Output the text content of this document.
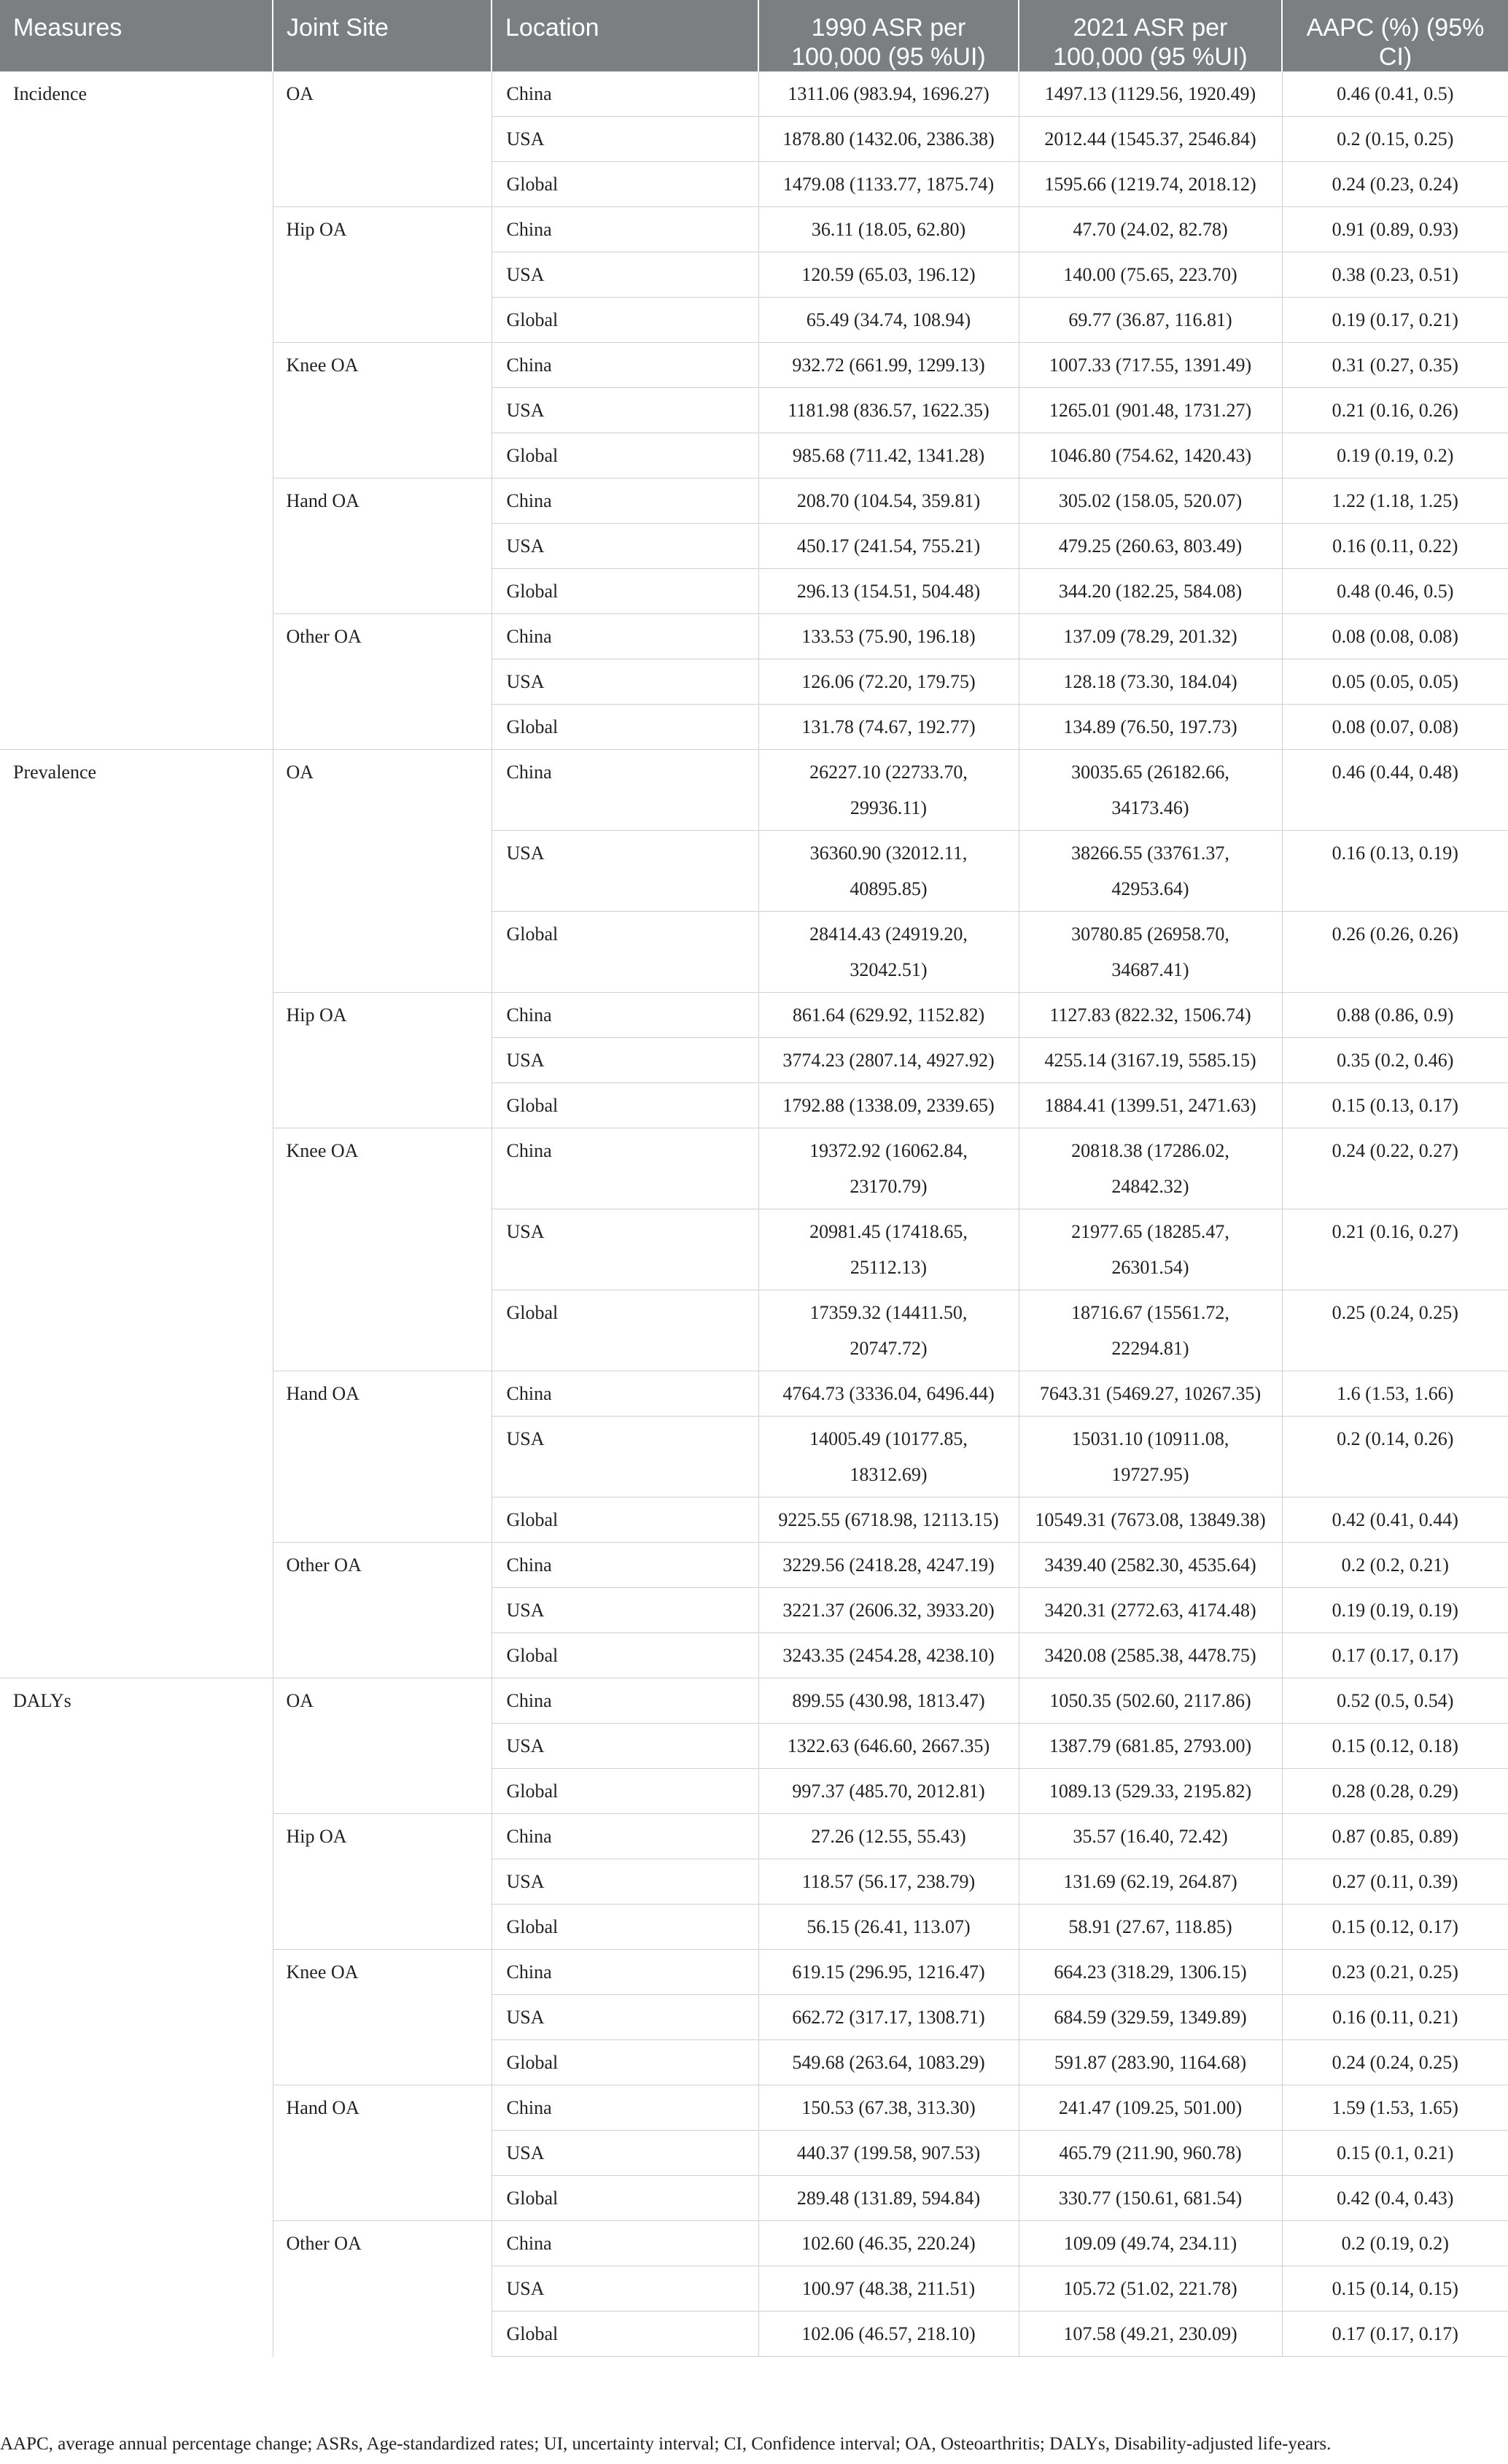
Measures	Joint Site	Location	1990 ASR per 100,000 (95 %UI)	2021 ASR per 100,000 (95 %UI)	AAPC (%) (95% CI)
Incidence	OA	China	1311.06 (983.94, 1696.27)	1497.13 (1129.56, 1920.49)	0.46 (0.41, 0.5)
		USA	1878.80 (1432.06, 2386.38)	2012.44 (1545.37, 2546.84)	0.2 (0.15, 0.25)
		Global	1479.08 (1133.77, 1875.74)	1595.66 (1219.74, 2018.12)	0.24 (0.23, 0.24)
	Hip OA	China	36.11 (18.05, 62.80)	47.70 (24.02, 82.78)	0.91 (0.89, 0.93)
		USA	120.59 (65.03, 196.12)	140.00 (75.65, 223.70)	0.38 (0.23, 0.51)
		Global	65.49 (34.74, 108.94)	69.77 (36.87, 116.81)	0.19 (0.17, 0.21)
	Knee OA	China	932.72 (661.99, 1299.13)	1007.33 (717.55, 1391.49)	0.31 (0.27, 0.35)
		USA	1181.98 (836.57, 1622.35)	1265.01 (901.48, 1731.27)	0.21 (0.16, 0.26)
		Global	985.68 (711.42, 1341.28)	1046.80 (754.62, 1420.43)	0.19 (0.19, 0.2)
	Hand OA	China	208.70 (104.54, 359.81)	305.02 (158.05, 520.07)	1.22 (1.18, 1.25)
		USA	450.17 (241.54, 755.21)	479.25 (260.63, 803.49)	0.16 (0.11, 0.22)
		Global	296.13 (154.51, 504.48)	344.20 (182.25, 584.08)	0.48 (0.46, 0.5)
	Other OA	China	133.53 (75.90, 196.18)	137.09 (78.29, 201.32)	0.08 (0.08, 0.08)
		USA	126.06 (72.20, 179.75)	128.18 (73.30, 184.04)	0.05 (0.05, 0.05)
		Global	131.78 (74.67, 192.77)	134.89 (76.50, 197.73)	0.08 (0.07, 0.08)
Prevalence	OA	China	26227.10 (22733.70, 29936.11)	30035.65 (26182.66, 34173.46)	0.46 (0.44, 0.48)
		USA	36360.90 (32012.11, 40895.85)	38266.55 (33761.37, 42953.64)	0.16 (0.13, 0.19)
		Global	28414.43 (24919.20, 32042.51)	30780.85 (26958.70, 34687.41)	0.26 (0.26, 0.26)
	Hip OA	China	861.64 (629.92, 1152.82)	1127.83 (822.32, 1506.74)	0.88 (0.86, 0.9)
		USA	3774.23 (2807.14, 4927.92)	4255.14 (3167.19, 5585.15)	0.35 (0.2, 0.46)
		Global	1792.88 (1338.09, 2339.65)	1884.41 (1399.51, 2471.63)	0.15 (0.13, 0.17)
	Knee OA	China	19372.92 (16062.84, 23170.79)	20818.38 (17286.02, 24842.32)	0.24 (0.22, 0.27)
		USA	20981.45 (17418.65, 25112.13)	21977.65 (18285.47, 26301.54)	0.21 (0.16, 0.27)
		Global	17359.32 (14411.50, 20747.72)	18716.67 (15561.72, 22294.81)	0.25 (0.24, 0.25)
	Hand OA	China	4764.73 (3336.04, 6496.44)	7643.31 (5469.27, 10267.35)	1.6 (1.53, 1.66)
		USA	14005.49 (10177.85, 18312.69)	15031.10 (10911.08, 19727.95)	0.2 (0.14, 0.26)
		Global	9225.55 (6718.98, 12113.15)	10549.31 (7673.08, 13849.38)	0.42 (0.41, 0.44)
	Other OA	China	3229.56 (2418.28, 4247.19)	3439.40 (2582.30, 4535.64)	0.2 (0.2, 0.21)
		USA	3221.37 (2606.32, 3933.20)	3420.31 (2772.63, 4174.48)	0.19 (0.19, 0.19)
		Global	3243.35 (2454.28, 4238.10)	3420.08 (2585.38, 4478.75)	0.17 (0.17, 0.17)
DALYs	OA	China	899.55 (430.98, 1813.47)	1050.35 (502.60, 2117.86)	0.52 (0.5, 0.54)
		USA	1322.63 (646.60, 2667.35)	1387.79 (681.85, 2793.00)	0.15 (0.12, 0.18)
		Global	997.37 (485.70, 2012.81)	1089.13 (529.33, 2195.82)	0.28 (0.28, 0.29)
	Hip OA	China	27.26 (12.55, 55.43)	35.57 (16.40, 72.42)	0.87 (0.85, 0.89)
		USA	118.57 (56.17, 238.79)	131.69 (62.19, 264.87)	0.27 (0.11, 0.39)
		Global	56.15 (26.41, 113.07)	58.91 (27.67, 118.85)	0.15 (0.12, 0.17)
	Knee OA	China	619.15 (296.95, 1216.47)	664.23 (318.29, 1306.15)	0.23 (0.21, 0.25)
		USA	662.72 (317.17, 1308.71)	684.59 (329.59, 1349.89)	0.16 (0.11, 0.21)
		Global	549.68 (263.64, 1083.29)	591.87 (283.90, 1164.68)	0.24 (0.24, 0.25)
	Hand OA	China	150.53 (67.38, 313.30)	241.47 (109.25, 501.00)	1.59 (1.53, 1.65)
		USA	440.37 (199.58, 907.53)	465.79 (211.90, 960.78)	0.15 (0.1, 0.21)
		Global	289.48 (131.89, 594.84)	330.77 (150.61, 681.54)	0.42 (0.4, 0.43)
	Other OA	China	102.60 (46.35, 220.24)	109.09 (49.74, 234.11)	0.2 (0.19, 0.2)
		USA	100.97 (48.38, 211.51)	105.72 (51.02, 221.78)	0.15 (0.14, 0.15)
		Global	102.06 (46.57, 218.10)	107.58 (49.21, 230.09)	0.17 (0.17, 0.17)
AAPC, average annual percentage change; ASRs, Age-standardized rates; UI, uncertainty interval; CI, Confidence interval; OA, Osteoarthritis; DALYs, Disability-adjusted life-years.
